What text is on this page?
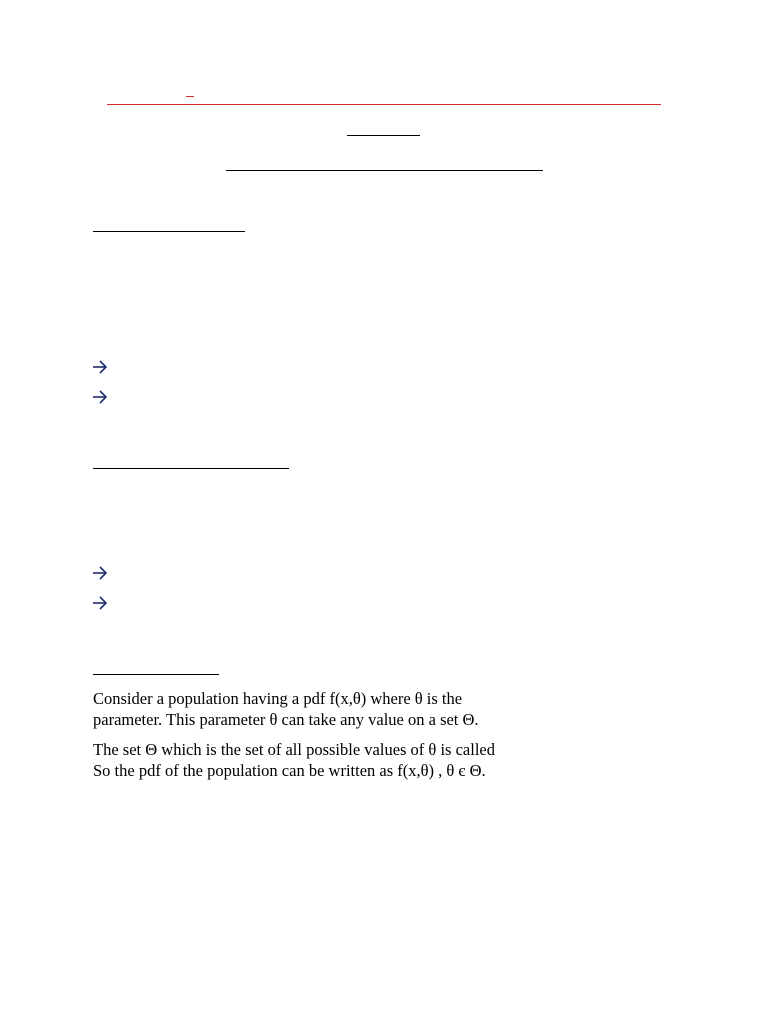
Consider a population having a pdf f(x,θ) where θ is the
parameter. This parameter θ can take any value on a set Θ.

The set Θ which is the set of all possible values of θ is called
So the pdf of the population can be written as f(x,θ) , θ є Θ.
